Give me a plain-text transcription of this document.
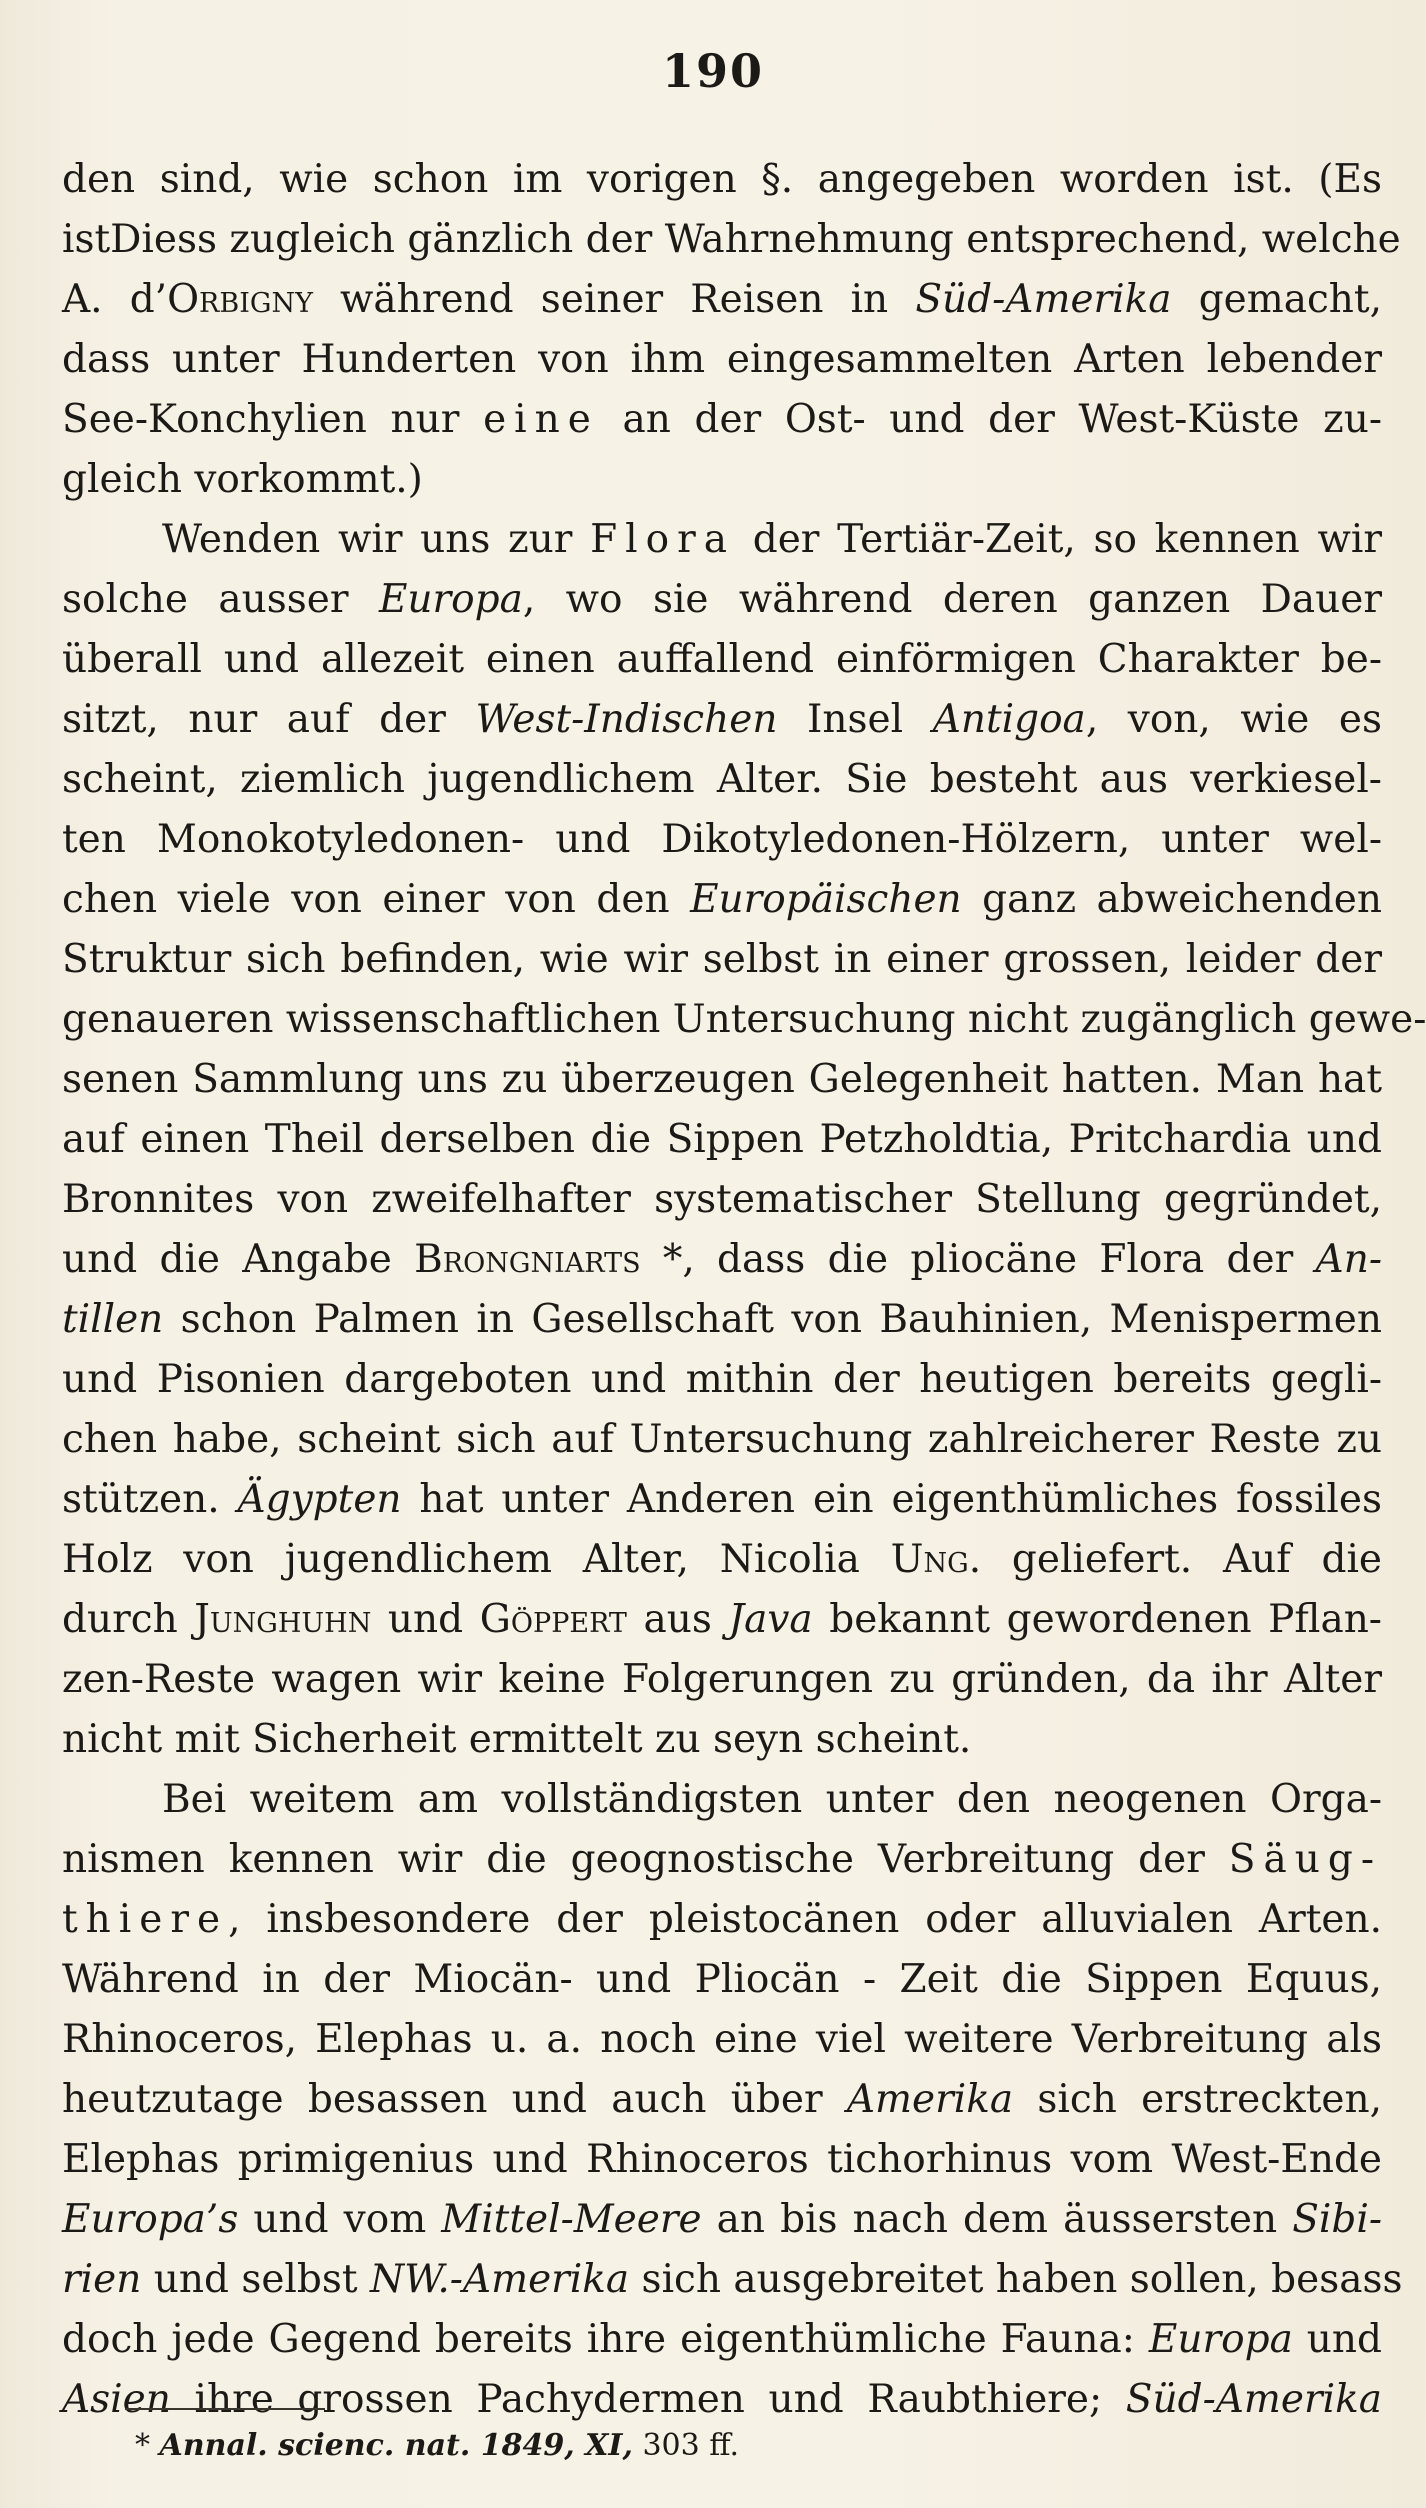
190
den sind, wie schon im vorigen §. angegeben worden ist. (Es
istDiess zugleich gänzlich der Wahrnehmung entsprechend, welche
A. d’Orbigny während seiner Reisen in Süd-Amerika gemacht,
dass unter Hunderten von ihm eingesammelten Arten lebender
See-Konchylien nur eine an der Ost- und der West-Küste zu-
gleich vorkommt.)
Wenden wir uns zur Flora der Tertiär-Zeit, so kennen wir
solche ausser Europa, wo sie während deren ganzen Dauer
überall und allezeit einen auffallend einförmigen Charakter be-
sitzt, nur auf der West-Indischen Insel Antigoa, von, wie es
scheint, ziemlich jugendlichem Alter. Sie besteht aus verkiesel-
ten Monokotyledonen- und Dikotyledonen-Hölzern, unter wel-
chen viele von einer von den Europäischen ganz abweichenden
Struktur sich befinden, wie wir selbst in einer grossen, leider der
genaueren wissenschaftlichen Untersuchung nicht zugänglich gewe-
senen Sammlung uns zu überzeugen Gelegenheit hatten. Man hat
auf einen Theil derselben die Sippen Petzholdtia, Pritchardia und
Bronnites von zweifelhafter systematischer Stellung gegründet,
und die Angabe Brongniarts *, dass die pliocäne Flora der An-
tillen schon Palmen in Gesellschaft von Bauhinien, Menispermen
und Pisonien dargeboten und mithin der heutigen bereits gegli-
chen habe, scheint sich auf Untersuchung zahlreicherer Reste zu
stützen. Ägypten hat unter Anderen ein eigenthümliches fossiles
Holz von jugendlichem Alter, Nicolia Ung. geliefert. Auf die
durch Junghuhn und Göppert aus Java bekannt gewordenen Pflan-
zen-Reste wagen wir keine Folgerungen zu gründen, da ihr Alter
nicht mit Sicherheit ermittelt zu seyn scheint.
Bei weitem am vollständigsten unter den neogenen Orga-
nismen kennen wir die geognostische Verbreitung der Säug-
thiere, insbesondere der pleistocänen oder alluvialen Arten.
Während in der Miocän- und Pliocän - Zeit die Sippen Equus,
Rhinoceros, Elephas u. a. noch eine viel weitere Verbreitung als
heutzutage besassen und auch über Amerika sich erstreckten,
Elephas primigenius und Rhinoceros tichorhinus vom West-Ende
Europa’s und vom Mittel-Meere an bis nach dem äussersten Sibi-
rien und selbst NW.-Amerika sich ausgebreitet haben sollen, besass
doch jede Gegend bereits ihre eigenthümliche Fauna: Europa und
Asien ihre grossen Pachydermen und Raubthiere; Süd-Amerika
* Annal. scienc. nat. 1849, XI, 303 ff.
